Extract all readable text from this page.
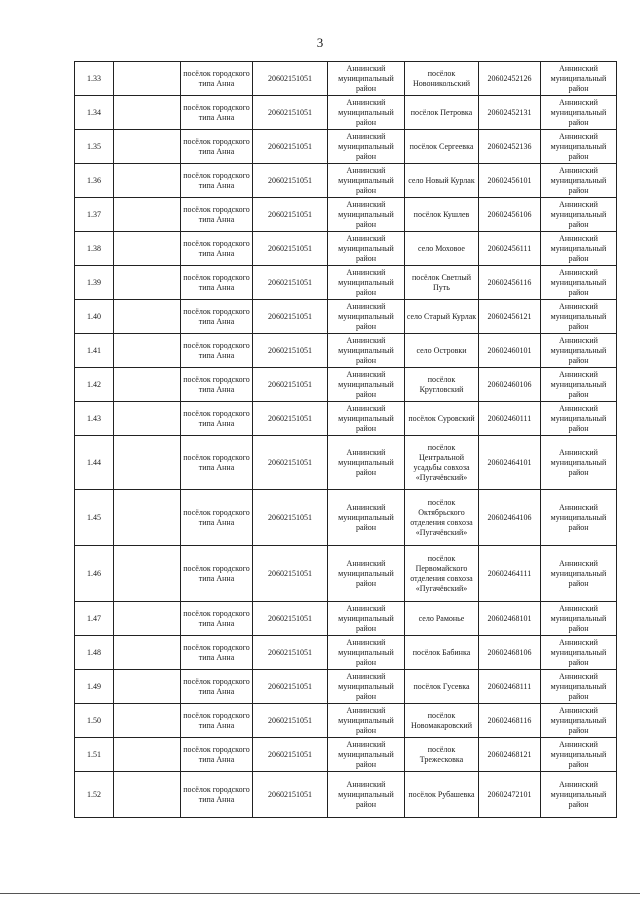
3
1.33		посёлок городского типа Анна	20602151051	Аннинский муниципальный район	посёлок Новоникольский	20602452126	Аннинский муниципальный район
1.34		посёлок городского типа Анна	20602151051	Аннинский муниципальный район	посёлок Петровка	20602452131	Аннинский муниципальный район
1.35		посёлок городского типа Анна	20602151051	Аннинский муниципальный район	посёлок Сергеевка	20602452136	Аннинский муниципальный район
1.36		посёлок городского типа Анна	20602151051	Аннинский муниципальный район	село Новый Курлак	20602456101	Аннинский муниципальный район
1.37		посёлок городского типа Анна	20602151051	Аннинский муниципальный район	посёлок Кушлев	20602456106	Аннинский муниципальный район
1.38		посёлок городского типа Анна	20602151051	Аннинский муниципальный район	село Моховое	20602456111	Аннинский муниципальный район
1.39		посёлок городского типа Анна	20602151051	Аннинский муниципальный район	посёлок Светлый Путь	20602456116	Аннинский муниципальный район
1.40		посёлок городского типа Анна	20602151051	Аннинский муниципальный район	село Старый Курлак	20602456121	Аннинский муниципальный район
1.41		посёлок городского типа Анна	20602151051	Аннинский муниципальный район	село Островки	20602460101	Аннинский муниципальный район
1.42		посёлок городского типа Анна	20602151051	Аннинский муниципальный район	посёлок Кругловский	20602460106	Аннинский муниципальный район
1.43		посёлок городского типа Анна	20602151051	Аннинский муниципальный район	посёлок Суровский	20602460111	Аннинский муниципальный район
1.44		посёлок городского типа Анна	20602151051	Аннинский муниципальный район	посёлок Центральной усадьбы совхоза «Пугачёвский»	20602464101	Аннинский муниципальный район
1.45		посёлок городского типа Анна	20602151051	Аннинский муниципальный район	посёлок Октябрьского отделения совхоза «Пугачёвский»	20602464106	Аннинский муниципальный район
1.46		посёлок городского типа Анна	20602151051	Аннинский муниципальный район	посёлок Первомайского отделения совхоза «Пугачёвский»	20602464111	Аннинский муниципальный район
1.47		посёлок городского типа Анна	20602151051	Аннинский муниципальный район	село Рамонье	20602468101	Аннинский муниципальный район
1.48		посёлок городского типа Анна	20602151051	Аннинский муниципальный район	посёлок Бабинка	20602468106	Аннинский муниципальный район
1.49		посёлок городского типа Анна	20602151051	Аннинский муниципальный район	посёлок Гусевка	20602468111	Аннинский муниципальный район
1.50		посёлок городского типа Анна	20602151051	Аннинский муниципальный район	посёлок Новомакаровский	20602468116	Аннинский муниципальный район
1.51		посёлок городского типа Анна	20602151051	Аннинский муниципальный район	посёлок Трежесковка	20602468121	Аннинский муниципальный район
1.52		посёлок городского типа Анна	20602151051	Аннинский муниципальный район	посёлок Рубашевка	20602472101	Аннинский муниципальный район
